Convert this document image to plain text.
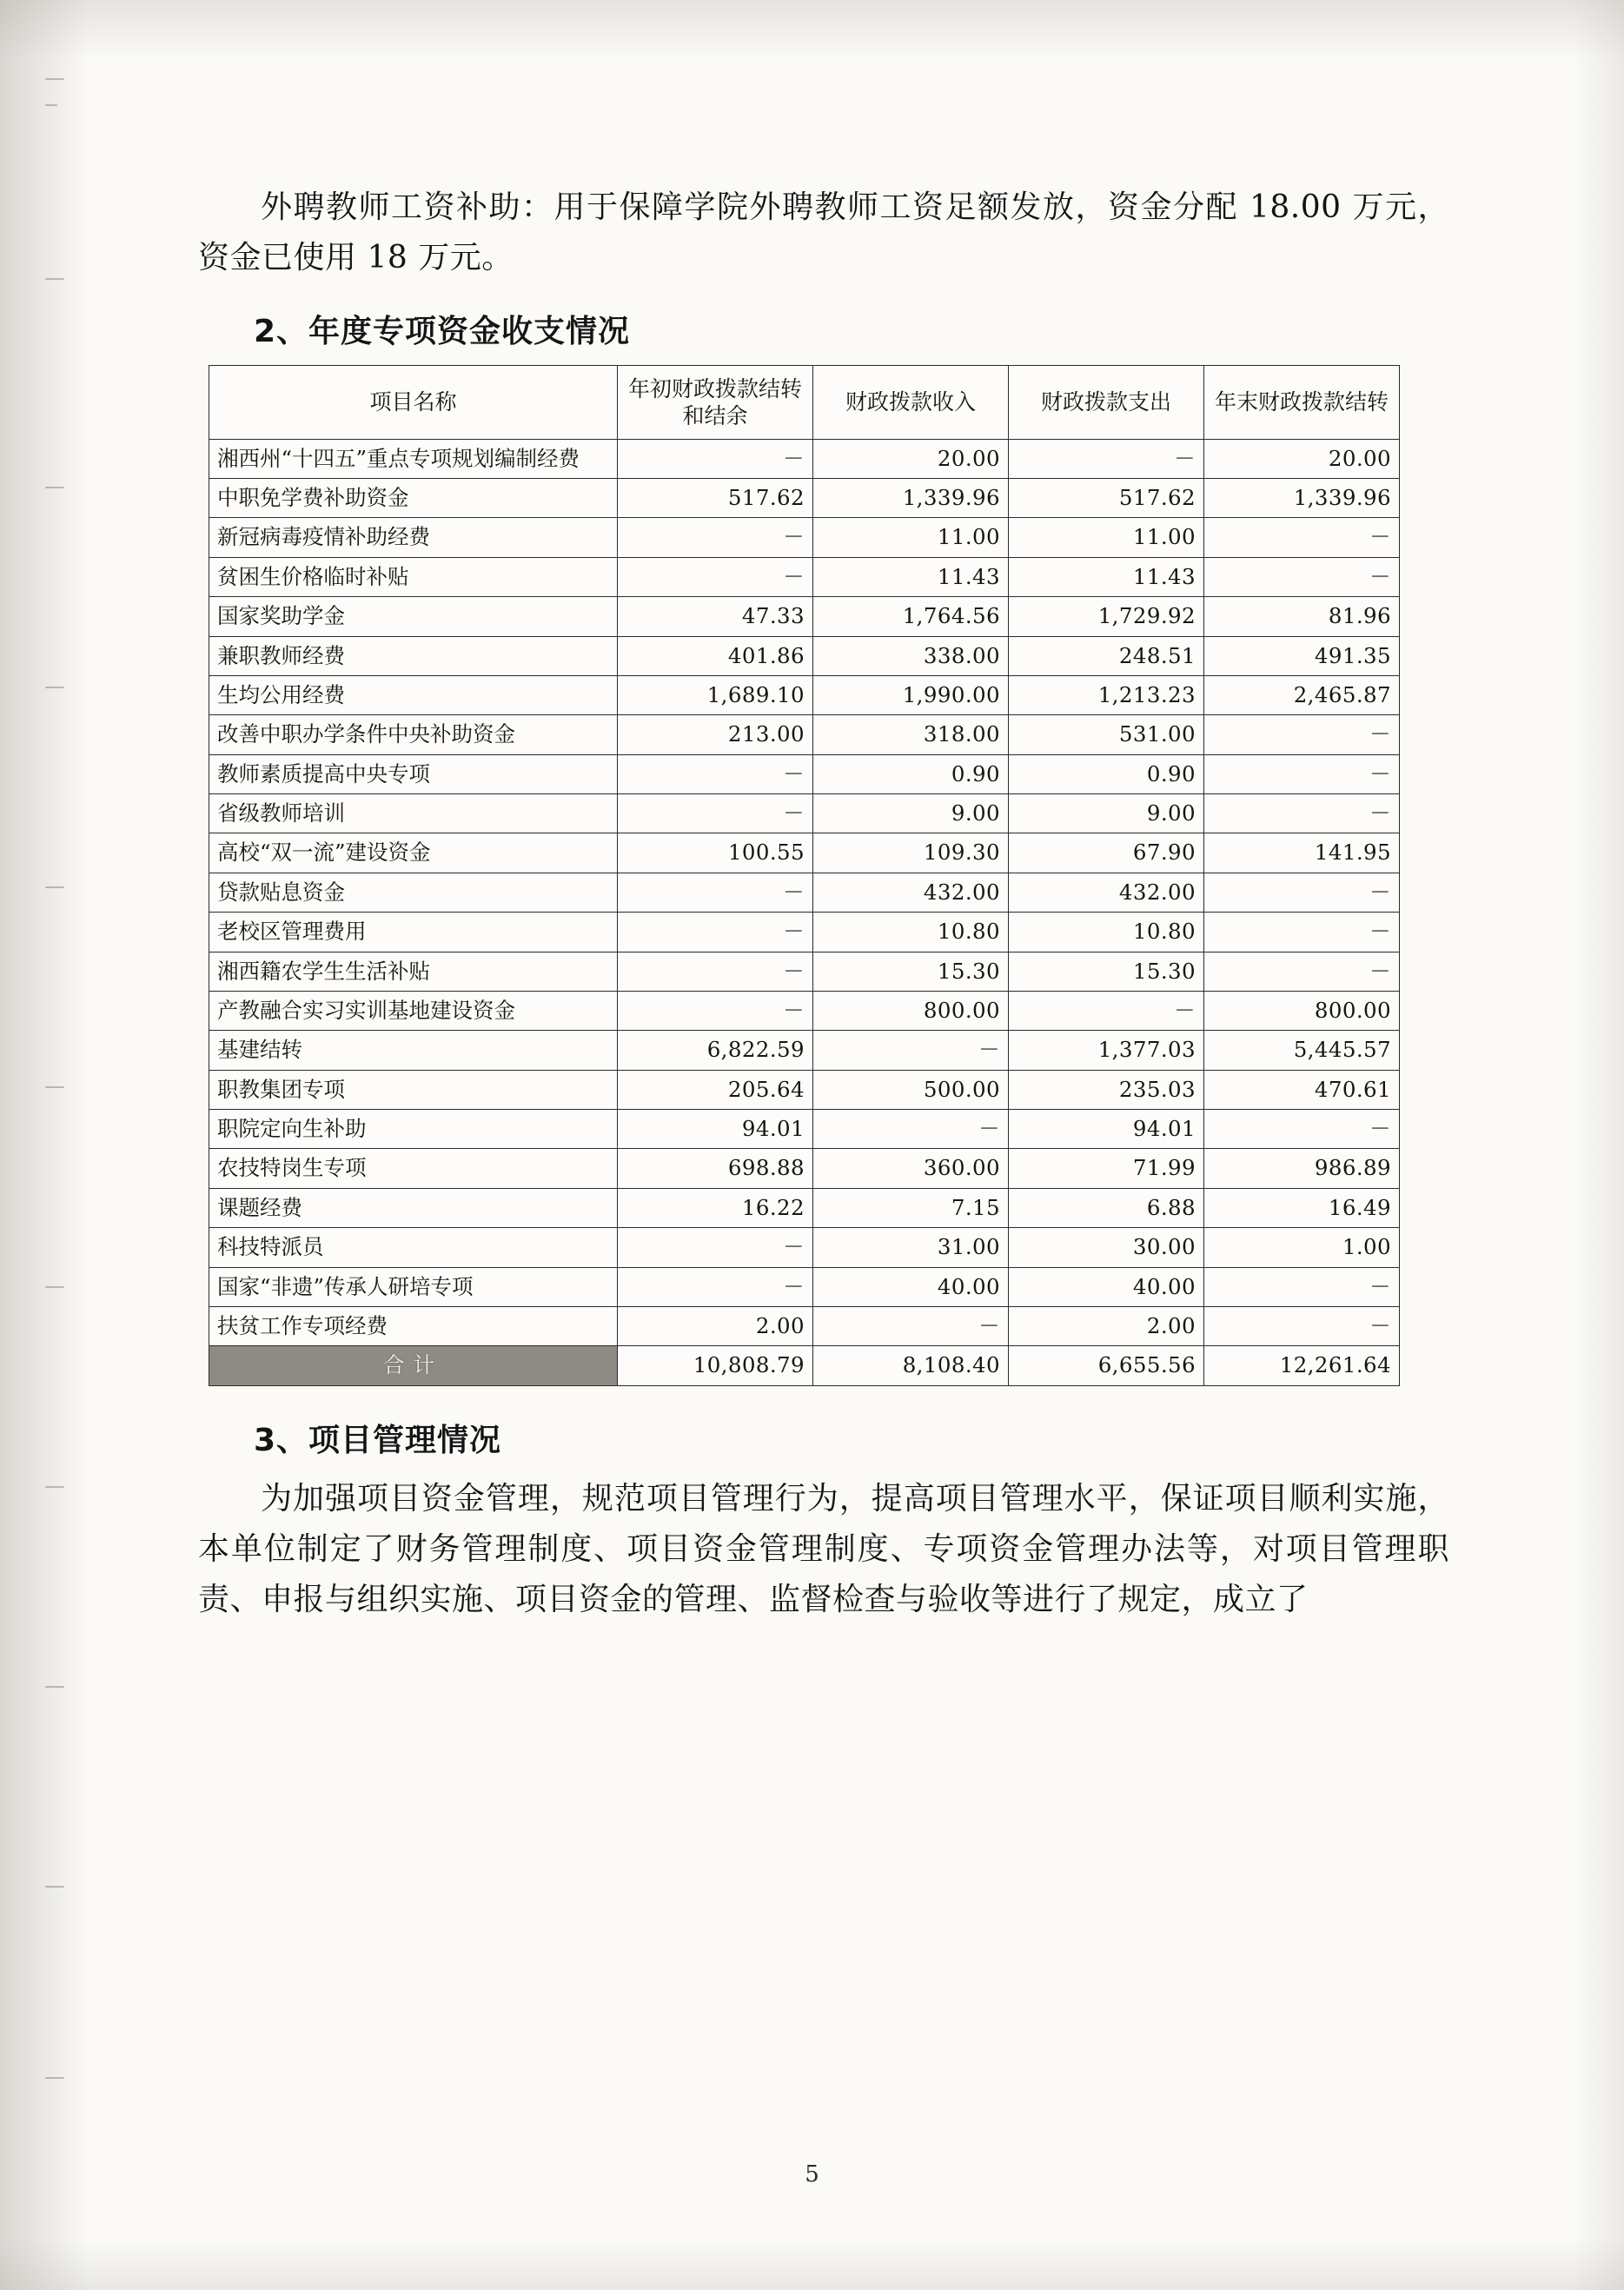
外聘教师工资补助：用于保障学院外聘教师工资足额发放，资金分配 18.00 万元，资金已使用 18 万元。

2、年度专项资金收支情况
项目名称	年初财政拨款结转和结余	财政拨款收入	财政拨款支出	年末财政拨款结转
湘西州“十四五”重点专项规划编制经费	－	20.00	－	20.00
中职免学费补助资金	517.62	1,339.96	517.62	1,339.96
新冠病毒疫情补助经费	－	11.00	11.00	－
贫困生价格临时补贴	－	11.43	11.43	－
国家奖助学金	47.33	1,764.56	1,729.92	81.96
兼职教师经费	401.86	338.00	248.51	491.35
生均公用经费	1,689.10	1,990.00	1,213.23	2,465.87
改善中职办学条件中央补助资金	213.00	318.00	531.00	－
教师素质提高中央专项	－	0.90	0.90	－
省级教师培训	－	9.00	9.00	－
高校“双一流”建设资金	100.55	109.30	67.90	141.95
贷款贴息资金	－	432.00	432.00	－
老校区管理费用	－	10.80	10.80	－
湘西籍农学生生活补贴	－	15.30	15.30	－
产教融合实习实训基地建设资金	－	800.00	－	800.00
基建结转	6,822.59	－	1,377.03	5,445.57
职教集团专项	205.64	500.00	235.03	470.61
职院定向生补助	94.01	－	94.01	－
农技特岗生专项	698.88	360.00	71.99	986.89
课题经费	16.22	7.15	6.88	16.49
科技特派员	－	31.00	30.00	1.00
国家“非遗”传承人研培专项	－	40.00	40.00	－
扶贫工作专项经费	2.00	－	2.00	－
合计	10,808.79	8,108.40	6,655.56	12,261.64
3、项目管理情况

为加强项目资金管理，规范项目管理行为，提高项目管理水平，保证项目顺利实施，本单位制定了财务管理制度、项目资金管理制度、专项资金管理办法等，对项目管理职责、申报与组织实施、项目资金的管理、监督检查与验收等进行了规定，成立了

5
